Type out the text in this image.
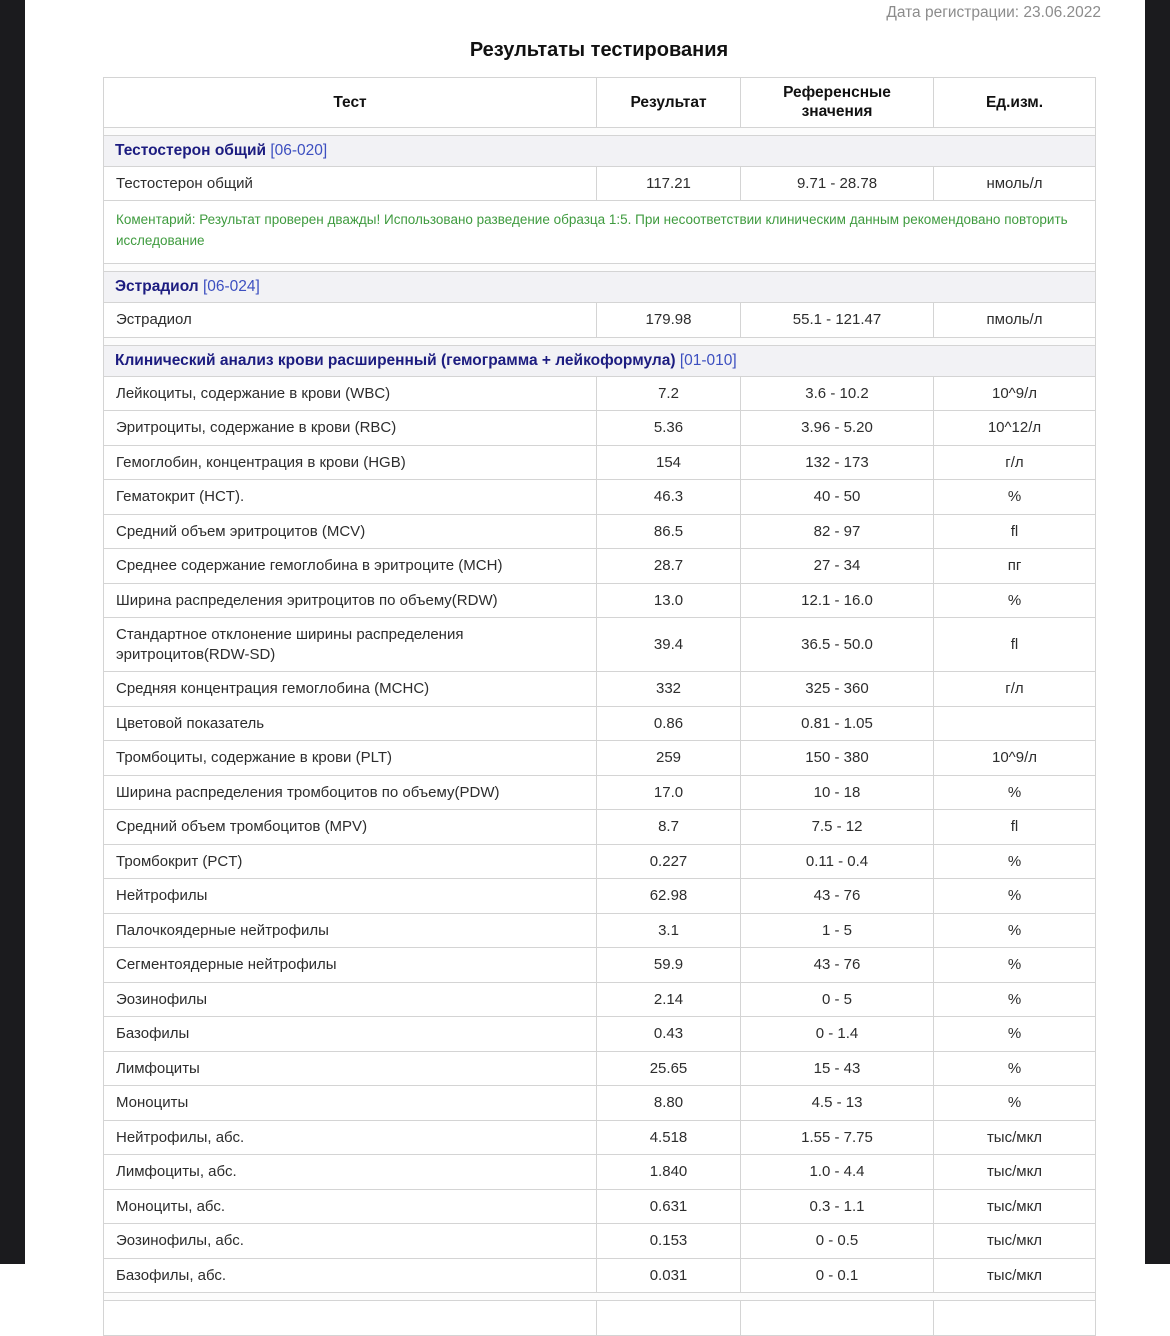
Дата регистрации: 23.06.2022
Результаты тестирования
Тест	Результат	Референсные значения	Ед.изм.

Тестостерон общий [06-020]			
Тестостерон общий	117.21	9.71 - 28.78	нмоль/л
Коментарий: Результат проверен дважды! Использовано разведение образца 1:5. При несоответствии клиническим данным рекомендовано повторить исследование			

Эстрадиол [06-024]			
Эстрадиол	179.98	55.1 - 121.47	пмоль/л

Клинический анализ крови расширенный (гемограмма + лейкоформула) [01-010]			
Лейкоциты, содержание в крови (WBC)	7.2	3.6 - 10.2	10^9/л
Эритроциты, содержание в крови (RBC)	5.36	3.96 - 5.20	10^12/л
Гемоглобин, концентрация в крови (HGB)	154	132 - 173	г/л
Гематокрит (HCT).	46.3	40 - 50	%
Средний объем эритроцитов (MCV)	86.5	82 - 97	fl
Среднее содержание гемоглобина в эритроците (MCH)	28.7	27 - 34	пг
Ширина распределения эритроцитов по объему(RDW)	13.0	12.1 - 16.0	%
Стандартное отклонение ширины распределения эритроцитов(RDW-SD)	39.4	36.5 - 50.0	fl
Средняя концентрация гемоглобина (MCHC)	332	325 - 360	г/л
Цветовой показатель	0.86	0.81 - 1.05	
Тромбоциты, содержание в крови (PLT)	259	150 - 380	10^9/л
Ширина распределения тромбоцитов по объему(PDW)	17.0	10 - 18	%
Средний объем тромбоцитов (MPV)	8.7	7.5 - 12	fl
Тромбокрит (PCT)	0.227	0.11 - 0.4	%
Нейтрофилы	62.98	43 - 76	%
Палочкоядерные нейтрофилы	3.1	1 - 5	%
Сегментоядерные нейтрофилы	59.9	43 - 76	%
Эозинофилы	2.14	0 - 5	%
Базофилы	0.43	0 - 1.4	%
Лимфоциты	25.65	15 - 43	%
Моноциты	8.80	4.5 - 13	%
Нейтрофилы, абс.	4.518	1.55 - 7.75	тыс/мкл
Лимфоциты, абс.	1.840	1.0 - 4.4	тыс/мкл
Моноциты, абс.	0.631	0.3 - 1.1	тыс/мкл
Эозинофилы, абс.	0.153	0 - 0.5	тыс/мкл
Базофилы, абс.	0.031	0 - 0.1	тыс/мкл
